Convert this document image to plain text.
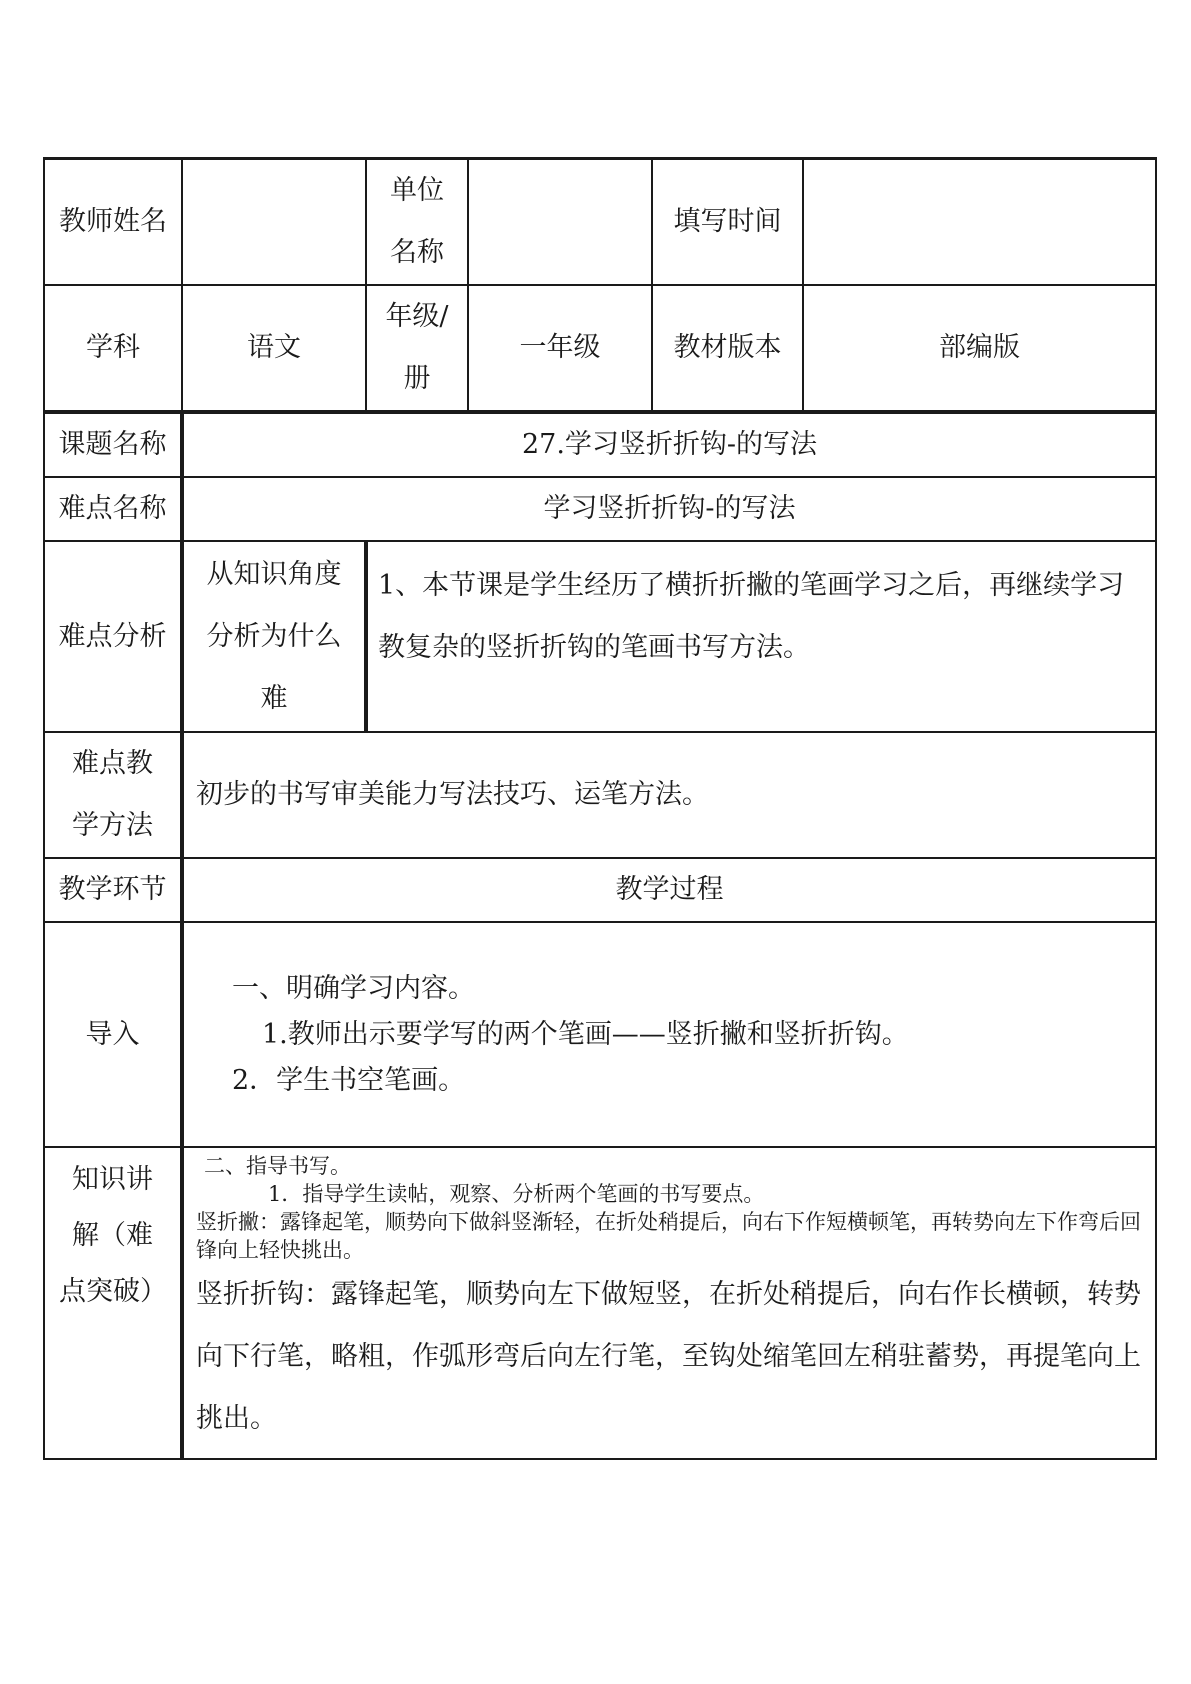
教师姓名		单位名称		填写时间	
学科	语文	年级/册	一年级	教材版本	部编版
课题名称	27.学习竖折折钩-的写法				
难点名称	学习竖折折钩-的写法				
难点分析	从知识角度分析为什么难	1、本节课是学生经历了横折折撇的笔画学习之后，再继续学习教复杂的竖折折钩的笔画书写方法。			
难点教学方法	初步的书写审美能力写法技巧、运笔方法。				
教学环节	教学过程				
导入	一、明确学习内容。
1.教师出示要学写的两个笔画——竖折撇和竖折折钩。
2．学生书空笔画。				

知识讲解（难点突破）	二、指导书写。
1．指导学生读帖，观察、分析两个笔画的书写要点。
竖折撇：露锋起笔，顺势向下做斜竖渐轻，在折处稍提后，向右下作短横顿笔，再转势向左下作弯后回锋向上轻快挑出。
竖折折钩：露锋起笔，顺势向左下做短竖，在折处稍提后，向右作长横顿，转势向下行笔，略粗，作弧形弯后向左行笔，至钩处缩笔回左稍驻蓄势，再提笔向上挑出。				
